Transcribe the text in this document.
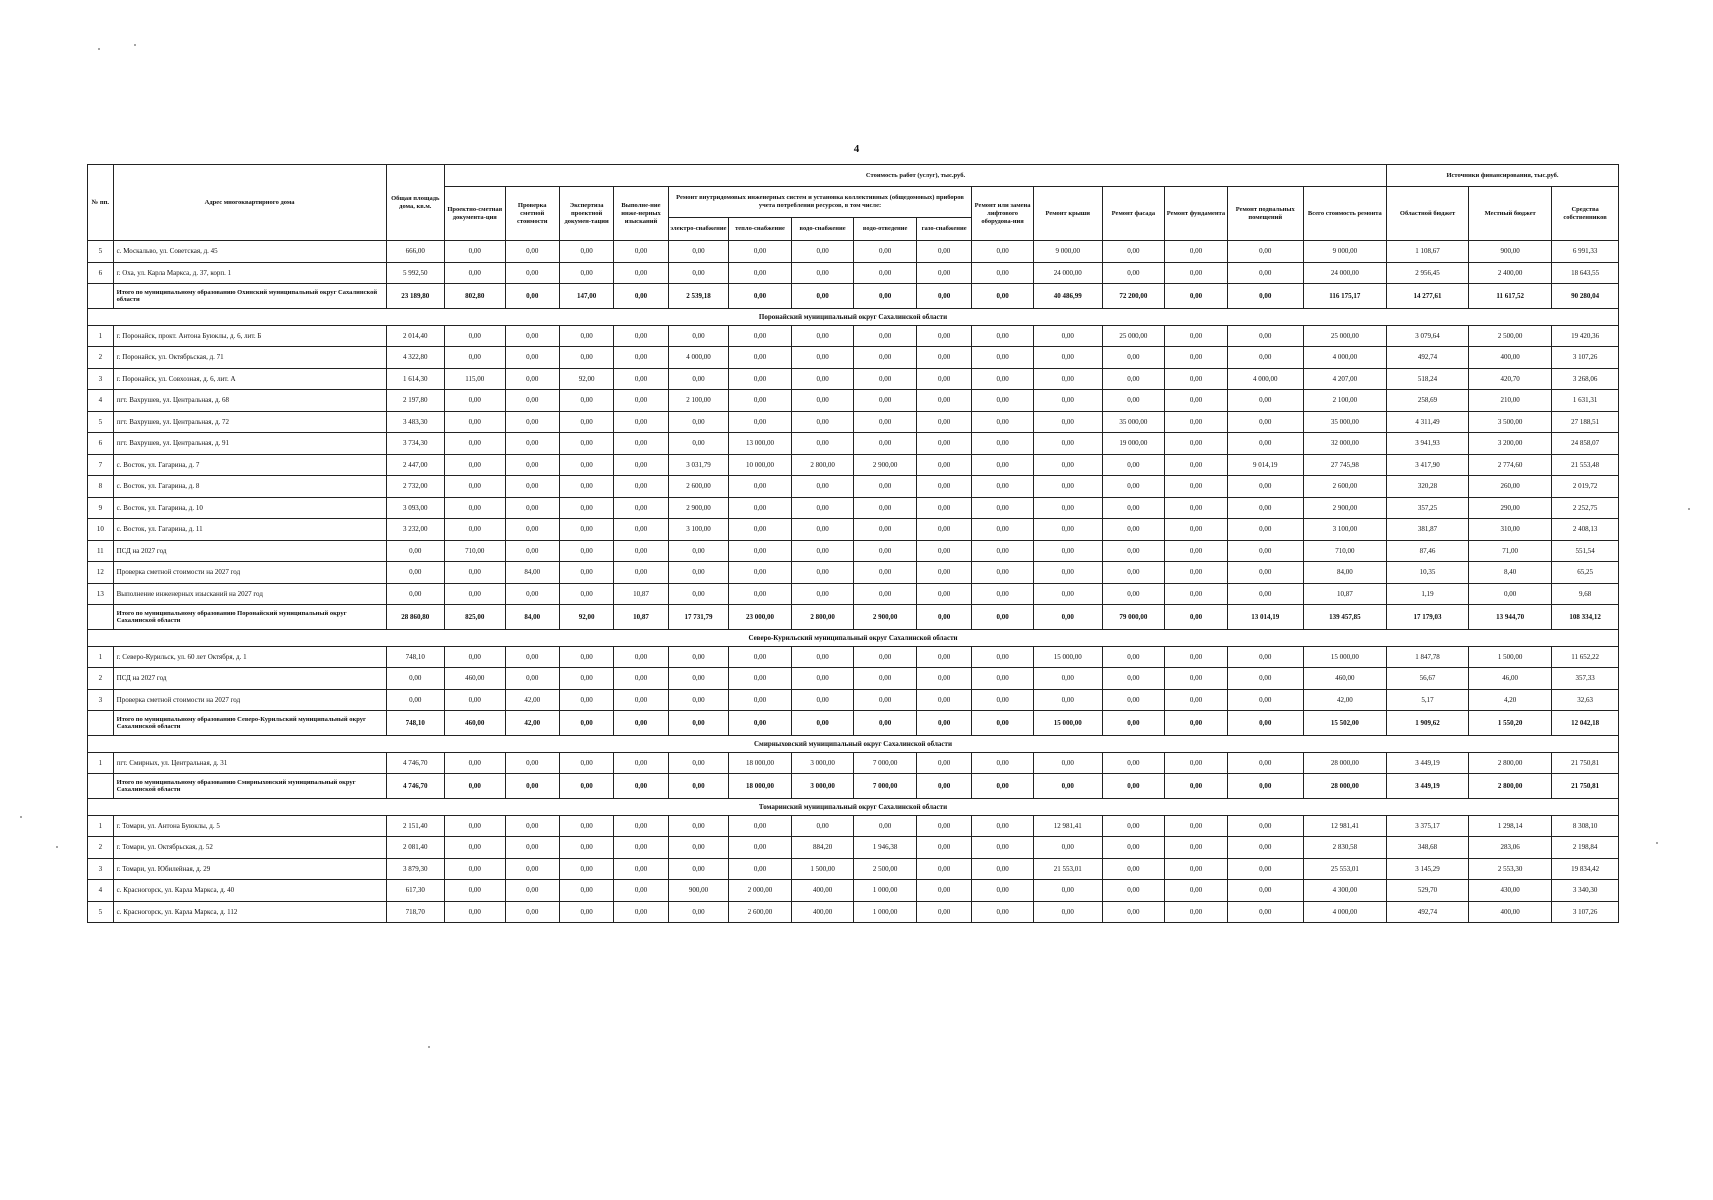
4
№ пп.	Адрес многоквартирного дома	Общая площадь дома, кв.м.	Стоимость работ (услуг), тыс.руб.															Источники финансирования, тыс.руб.		
			Проектно-сметная документа-ция	Проверка сметной стоимости	Экспертиза проектной докумен-тации	Выполне-ние инже-нерных изысканий	Ремонт внутридомовых инженерных систем и установка коллективных (общедомовых) приборов учета потребления ресурсов, в том числе:					Ремонт или замена лифтового оборудова-ния	Ремонт крыши	Ремонт фасада	Ремонт фундамента	Ремонт подвальных помещений	Всего стоимость ремонта	Областной бюджет	Местный бюджет	Средства собственников
							электро-снабжение	тепло-снабжение	водо-снабжение	водо-отведение	газо-снабжение									
5	с. Москальво, ул. Советская, д. 45	666,00	0,00	0,00	0,00	0,00	0,00	0,00	0,00	0,00	0,00	0,00	9 000,00	0,00	0,00	0,00	9 000,00	1 108,67	900,00	6 991,33
6	г. Оха, ул. Карла Маркса, д. 37, корп. 1	5 992,50	0,00	0,00	0,00	0,00	0,00	0,00	0,00	0,00	0,00	0,00	24 000,00	0,00	0,00	0,00	24 000,00	2 956,45	2 400,00	18 643,55
	Итого по муниципальному образованию Охинский муниципальный округ Сахалинской области	23 189,80	802,80	0,00	147,00	0,00	2 539,18	0,00	0,00	0,00	0,00	0,00	40 486,99	72 200,00	0,00	0,00	116 175,17	14 277,61	11 617,52	90 280,04
Поронайский муниципальный округ Сахалинской области																				
1	г. Поронайск, прокт. Антона Буюклы, д. 6, лит. Б	2 014,40	0,00	0,00	0,00	0,00	0,00	0,00	0,00	0,00	0,00	0,00	0,00	25 000,00	0,00	0,00	25 000,00	3 079,64	2 500,00	19 420,36
2	г. Поронайск, ул. Октябрьская, д. 71	4 322,80	0,00	0,00	0,00	0,00	4 000,00	0,00	0,00	0,00	0,00	0,00	0,00	0,00	0,00	0,00	4 000,00	492,74	400,00	3 107,26
3	г. Поронайск, ул. Совхозная, д. 6, лит. А	1 614,30	115,00	0,00	92,00	0,00	0,00	0,00	0,00	0,00	0,00	0,00	0,00	0,00	0,00	4 000,00	4 207,00	518,24	420,70	3 268,06
4	пгт. Вахрушев, ул. Центральная, д. 68	2 197,80	0,00	0,00	0,00	0,00	2 100,00	0,00	0,00	0,00	0,00	0,00	0,00	0,00	0,00	0,00	2 100,00	258,69	210,00	1 631,31
5	пгт. Вахрушев, ул. Центральная, д. 72	3 483,30	0,00	0,00	0,00	0,00	0,00	0,00	0,00	0,00	0,00	0,00	0,00	35 000,00	0,00	0,00	35 000,00	4 311,49	3 500,00	27 188,51
6	пгт. Вахрушев, ул. Центральная, д. 91	3 734,30	0,00	0,00	0,00	0,00	0,00	13 000,00	0,00	0,00	0,00	0,00	0,00	19 000,00	0,00	0,00	32 000,00	3 941,93	3 200,00	24 858,07
7	с. Восток, ул. Гагарина, д. 7	2 447,00	0,00	0,00	0,00	0,00	3 031,79	10 000,00	2 800,00	2 900,00	0,00	0,00	0,00	0,00	0,00	9 014,19	27 745,98	3 417,90	2 774,60	21 553,48
8	с. Восток, ул. Гагарина, д. 8	2 732,00	0,00	0,00	0,00	0,00	2 600,00	0,00	0,00	0,00	0,00	0,00	0,00	0,00	0,00	0,00	2 600,00	320,28	260,00	2 019,72
9	с. Восток, ул. Гагарина, д. 10	3 093,00	0,00	0,00	0,00	0,00	2 900,00	0,00	0,00	0,00	0,00	0,00	0,00	0,00	0,00	0,00	2 900,00	357,25	290,00	2 252,75
10	с. Восток, ул. Гагарина, д. 11	3 232,00	0,00	0,00	0,00	0,00	3 100,00	0,00	0,00	0,00	0,00	0,00	0,00	0,00	0,00	0,00	3 100,00	381,87	310,00	2 408,13
11	ПСД на 2027 год	0,00	710,00	0,00	0,00	0,00	0,00	0,00	0,00	0,00	0,00	0,00	0,00	0,00	0,00	0,00	710,00	87,46	71,00	551,54
12	Проверка сметной стоимости на 2027 год	0,00	0,00	84,00	0,00	0,00	0,00	0,00	0,00	0,00	0,00	0,00	0,00	0,00	0,00	0,00	84,00	10,35	8,40	65,25
13	Выполнение инженерных изысканий на 2027 год	0,00	0,00	0,00	0,00	10,87	0,00	0,00	0,00	0,00	0,00	0,00	0,00	0,00	0,00	0,00	10,87	1,19	0,00	9,68
	Итого по муниципальному образованию Поронайский муниципальный округ Сахалинской области	28 860,80	825,00	84,00	92,00	10,87	17 731,79	23 000,00	2 800,00	2 900,00	0,00	0,00	0,00	79 000,00	0,00	13 014,19	139 457,85	17 179,03	13 944,70	108 334,12
Северо-Курильский муниципальный округ Сахалинской области																				
1	г. Северо-Курильск, ул. 60 лет Октября, д. 1	748,10	0,00	0,00	0,00	0,00	0,00	0,00	0,00	0,00	0,00	0,00	15 000,00	0,00	0,00	0,00	15 000,00	1 847,78	1 500,00	11 652,22
2	ПСД на 2027 год	0,00	460,00	0,00	0,00	0,00	0,00	0,00	0,00	0,00	0,00	0,00	0,00	0,00	0,00	0,00	460,00	56,67	46,00	357,33
3	Проверка сметной стоимости на 2027 год	0,00	0,00	42,00	0,00	0,00	0,00	0,00	0,00	0,00	0,00	0,00	0,00	0,00	0,00	0,00	42,00	5,17	4,20	32,63
	Итого по муниципальному образованию Северо-Курильский муниципальный округ Сахалинской области	748,10	460,00	42,00	0,00	0,00	0,00	0,00	0,00	0,00	0,00	0,00	15 000,00	0,00	0,00	0,00	15 502,00	1 909,62	1 550,20	12 042,18
Смирныховский муниципальный округ Сахалинской области																				
1	пгт. Смирных, ул. Центральная, д. 31	4 746,70	0,00	0,00	0,00	0,00	0,00	18 000,00	3 000,00	7 000,00	0,00	0,00	0,00	0,00	0,00	0,00	28 000,00	3 449,19	2 800,00	21 750,81
	Итого по муниципальному образованию Смирныховский муниципальный округ Сахалинской области	4 746,70	0,00	0,00	0,00	0,00	0,00	18 000,00	3 000,00	7 000,00	0,00	0,00	0,00	0,00	0,00	0,00	28 000,00	3 449,19	2 800,00	21 750,81
Томаринский муниципальный округ Сахалинской области																				
1	г. Томари, ул. Антона Буюклы, д. 5	2 151,40	0,00	0,00	0,00	0,00	0,00	0,00	0,00	0,00	0,00	0,00	12 981,41	0,00	0,00	0,00	12 981,41	3 375,17	1 298,14	8 308,10
2	г. Томари, ул. Октябрьская, д. 52	2 081,40	0,00	0,00	0,00	0,00	0,00	0,00	884,20	1 946,38	0,00	0,00	0,00	0,00	0,00	0,00	2 830,58	348,68	283,06	2 198,84
3	г. Томари, ул. Юбилейная, д. 29	3 879,30	0,00	0,00	0,00	0,00	0,00	0,00	1 500,00	2 500,00	0,00	0,00	21 553,01	0,00	0,00	0,00	25 553,01	3 145,29	2 553,30	19 834,42
4	с. Красногорск, ул. Карла Маркса, д. 40	617,30	0,00	0,00	0,00	0,00	900,00	2 000,00	400,00	1 000,00	0,00	0,00	0,00	0,00	0,00	0,00	4 300,00	529,70	430,00	3 340,30
5	с. Красногорск, ул. Карла Маркса, д. 112	718,70	0,00	0,00	0,00	0,00	0,00	2 600,00	400,00	1 000,00	0,00	0,00	0,00	0,00	0,00	0,00	4 000,00	492,74	400,00	3 107,26
